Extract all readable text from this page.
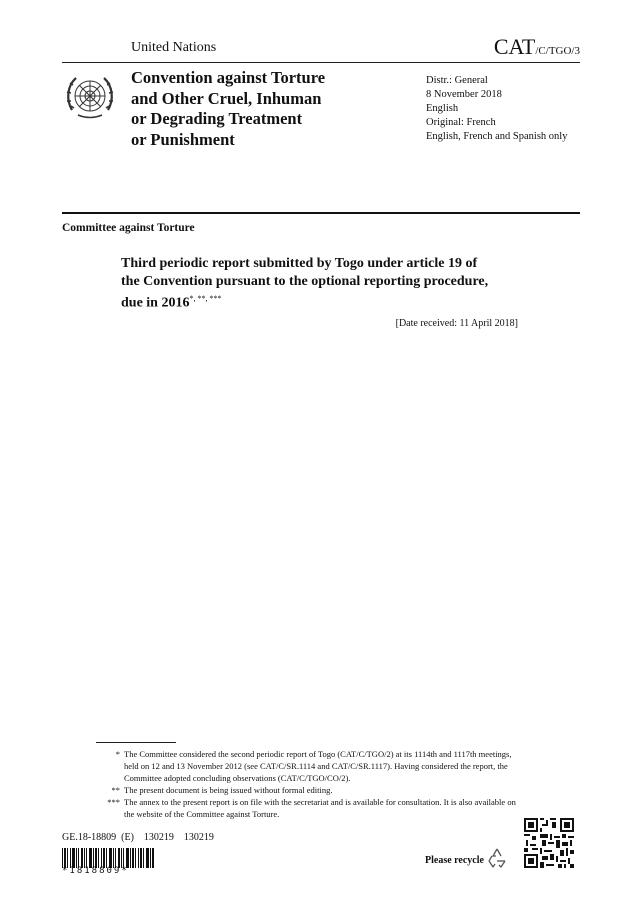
United Nations	CAT/C/TGO/3
Convention against Torture
and Other Cruel, Inhuman
or Degrading Treatment
or Punishment
Distr.: General
8 November 2018
English
Original: French
English, French and Spanish only
Committee against Torture
Third periodic report submitted by Togo under article 19 of
the Convention pursuant to the optional reporting procedure,
due in 2016*, **, ***
[Date received: 11 April 2018]
* The Committee considered the second periodic report of Togo (CAT/C/TGO/2) at its 1114th and 1117th meetings, held on 12 and 13 November 2012 (see CAT/C/SR.1114 and CAT/C/SR.1117). Having considered the report, the Committee adopted concluding observations (CAT/C/TGO/CO/2).
** The present document is being issued without formal editing.
*** The annex to the present report is on file with the secretariat and is available for consultation. It is also available on the website of the Committee against Torture.
GE.18-18809  (E)    130219    130219
*1818809*
Please recycle
